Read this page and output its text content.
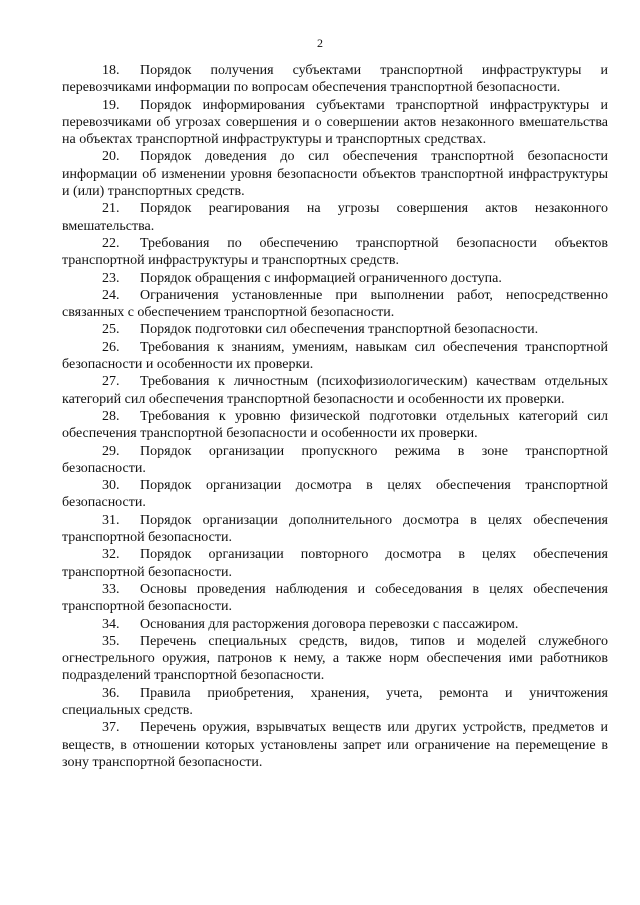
2

18. Порядок получения субъектами транспортной инфраструктуры и перевозчиками информации по вопросам обеспечения транспортной безопасности.

19. Порядок информирования субъектами транспортной инфраструктуры и перевозчиками об угрозах совершения и о совершении актов незаконного вмешательства на объектах транспортной инфраструктуры и транспортных средствах.

20. Порядок доведения до сил обеспечения транспортной безопасности информации об изменении уровня безопасности объектов транспортной инфраструктуры и (или) транспортных средств.

21. Порядок реагирования на угрозы совершения актов незаконного вмешательства.

22. Требования по обеспечению транспортной безопасности объектов транспортной инфраструктуры и транспортных средств.

23. Порядок обращения с информацией ограниченного доступа.

24. Ограничения установленные при выполнении работ, непосредственно связанных с обеспечением транспортной безопасности.

25. Порядок подготовки сил обеспечения транспортной безопасности.

26. Требования к знаниям, умениям, навыкам сил обеспечения транспортной безопасности и особенности их проверки.

27. Требования к личностным (психофизиологическим) качествам отдельных категорий сил обеспечения транспортной безопасности и особенности их проверки.

28. Требования к уровню физической подготовки отдельных категорий сил обеспечения транспортной безопасности и особенности их проверки.

29. Порядок организации пропускного режима в зоне транспортной безопасности.

30. Порядок организации досмотра в целях обеспечения транспортной безопасности.

31. Порядок организации дополнительного досмотра в целях обеспечения транспортной безопасности.

32. Порядок организации повторного досмотра в целях обеспечения транспортной безопасности.

33. Основы проведения наблюдения и собеседования в целях обеспечения транспортной безопасности.

34. Основания для расторжения договора перевозки с пассажиром.

35. Перечень специальных средств, видов, типов и моделей служебного огнестрельного оружия, патронов к нему, а также норм обеспечения ими работников подразделений транспортной безопасности.

36. Правила приобретения, хранения, учета, ремонта и уничтожения специальных средств.

37. Перечень оружия, взрывчатых веществ или других устройств, предметов и веществ, в отношении которых установлены запрет или ограничение на перемещение в зону транспортной безопасности.
